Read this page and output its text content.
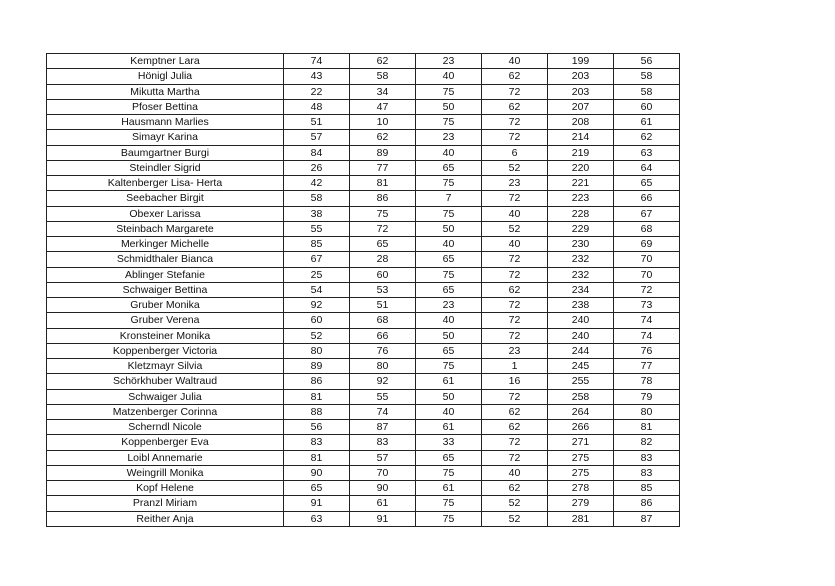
Kemptner Lara	74	62	23	40	199	56
Hönigl Julia	43	58	40	62	203	58
Mikutta Martha	22	34	75	72	203	58
Pfoser Bettina	48	47	50	62	207	60
Hausmann Marlies	51	10	75	72	208	61
Simayr Karina	57	62	23	72	214	62
Baumgartner Burgi	84	89	40	6	219	63
Steindler Sigrid	26	77	65	52	220	64
Kaltenberger Lisa- Herta	42	81	75	23	221	65
Seebacher Birgit	58	86	7	72	223	66
Obexer Larissa	38	75	75	40	228	67
Steinbach Margarete	55	72	50	52	229	68
Merkinger Michelle	85	65	40	40	230	69
Schmidthaler Bianca	67	28	65	72	232	70
Ablinger Stefanie	25	60	75	72	232	70
Schwaiger Bettina	54	53	65	62	234	72
Gruber Monika	92	51	23	72	238	73
Gruber Verena	60	68	40	72	240	74
Kronsteiner Monika	52	66	50	72	240	74
Koppenberger Victoria	80	76	65	23	244	76
Kletzmayr Silvia	89	80	75	1	245	77
Schörkhuber Waltraud	86	92	61	16	255	78
Schwaiger Julia	81	55	50	72	258	79
Matzenberger Corinna	88	74	40	62	264	80
Scherndl Nicole	56	87	61	62	266	81
Koppenberger Eva	83	83	33	72	271	82
Loibl Annemarie	81	57	65	72	275	83
Weingrill Monika	90	70	75	40	275	83
Kopf Helene	65	90	61	62	278	85
Pranzl Miriam	91	61	75	52	279	86
Reither Anja	63	91	75	52	281	87
